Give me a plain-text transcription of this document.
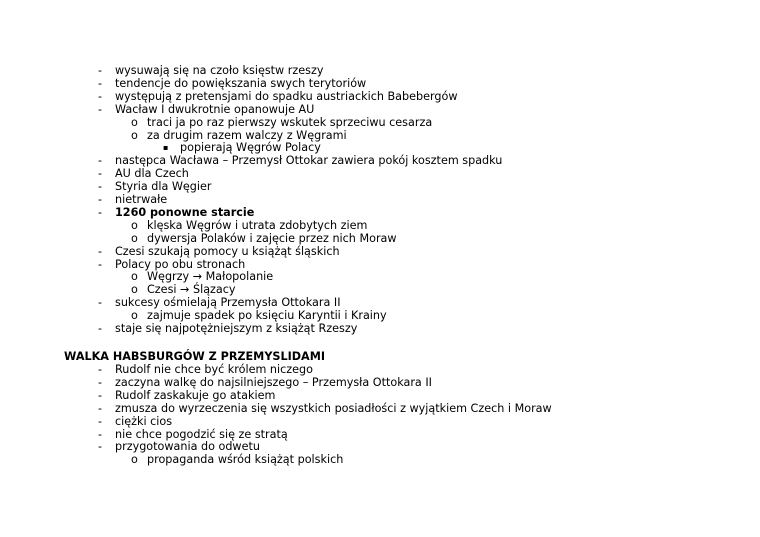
- wysuwają się na czoło księstw rzeszy
- tendencje do powiększania swych terytoriów
- występują z pretensjami do spadku austriackich Babebergów
- Wacław I dwukrotnie opanowuje AU
o traci ja po raz pierwszy wskutek sprzeciwu cesarza
o za drugim razem walczy z Węgrami
▪ popierają Węgrów Polacy
- następca Wacława – Przemysł Ottokar zawiera pokój kosztem spadku
- AU dla Czech
- Styria dla Węgier
- nietrwałe
- 1260 ponowne starcie
o klęska Węgrów i utrata zdobytych ziem
o dywersja Polaków i zajęcie przez nich Moraw
- Czesi szukają pomocy u książąt śląskich
- Polacy po obu stronach
o Węgrzy → Małopolanie
o Czesi → Ślązacy
- sukcesy ośmielają Przemysła Ottokara II
o zajmuje spadek po księciu Karyntii i Krainy
- staje się najpotężniejszym z książąt Rzeszy
WALKA HABSBURGÓW Z PRZEMYSLIDAMI
- Rudolf nie chce być królem niczego
- zaczyna walkę do najsilniejszego – Przemysła Ottokara II
- Rudolf zaskakuje go atakiem
- zmusza do wyrzeczenia się wszystkich posiadłości z wyjątkiem Czech i Moraw
- ciężki cios
- nie chce pogodzić się ze stratą
- przygotowania do odwetu
o propaganda wśród książąt polskich
